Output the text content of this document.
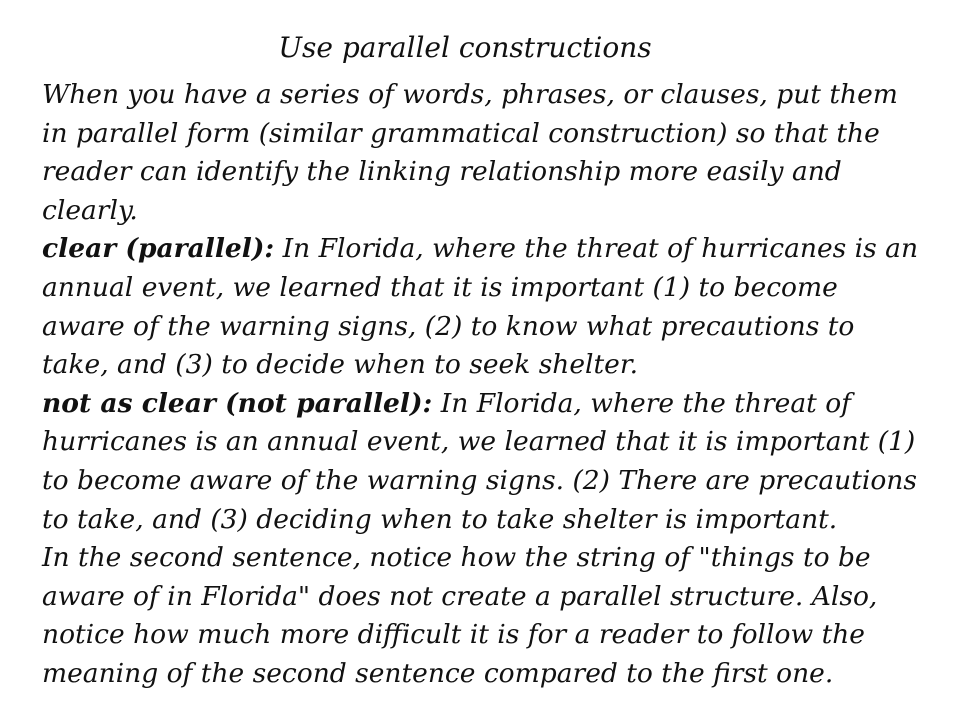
Use parallel constructions

When you have a series of words, phrases, or clauses, put them in parallel form (similar grammatical construction) so that the reader can identify the linking relationship more easily and clearly.

clear (parallel): In Florida, where the threat of hurricanes is an annual event, we learned that it is important (1) to become aware of the warning signs, (2) to know what precautions to take, and (3) to decide when to seek shelter.

not as clear (not parallel): In Florida, where the threat of hurricanes is an annual event, we learned that it is important (1) to become aware of the warning signs. (2) There are precautions to take, and (3) deciding when to take shelter is important.

In the second sentence, notice how the string of "things to be aware of in Florida" does not create a parallel structure. Also, notice how much more difficult it is for a reader to follow the meaning of the second sentence compared to the first one.
